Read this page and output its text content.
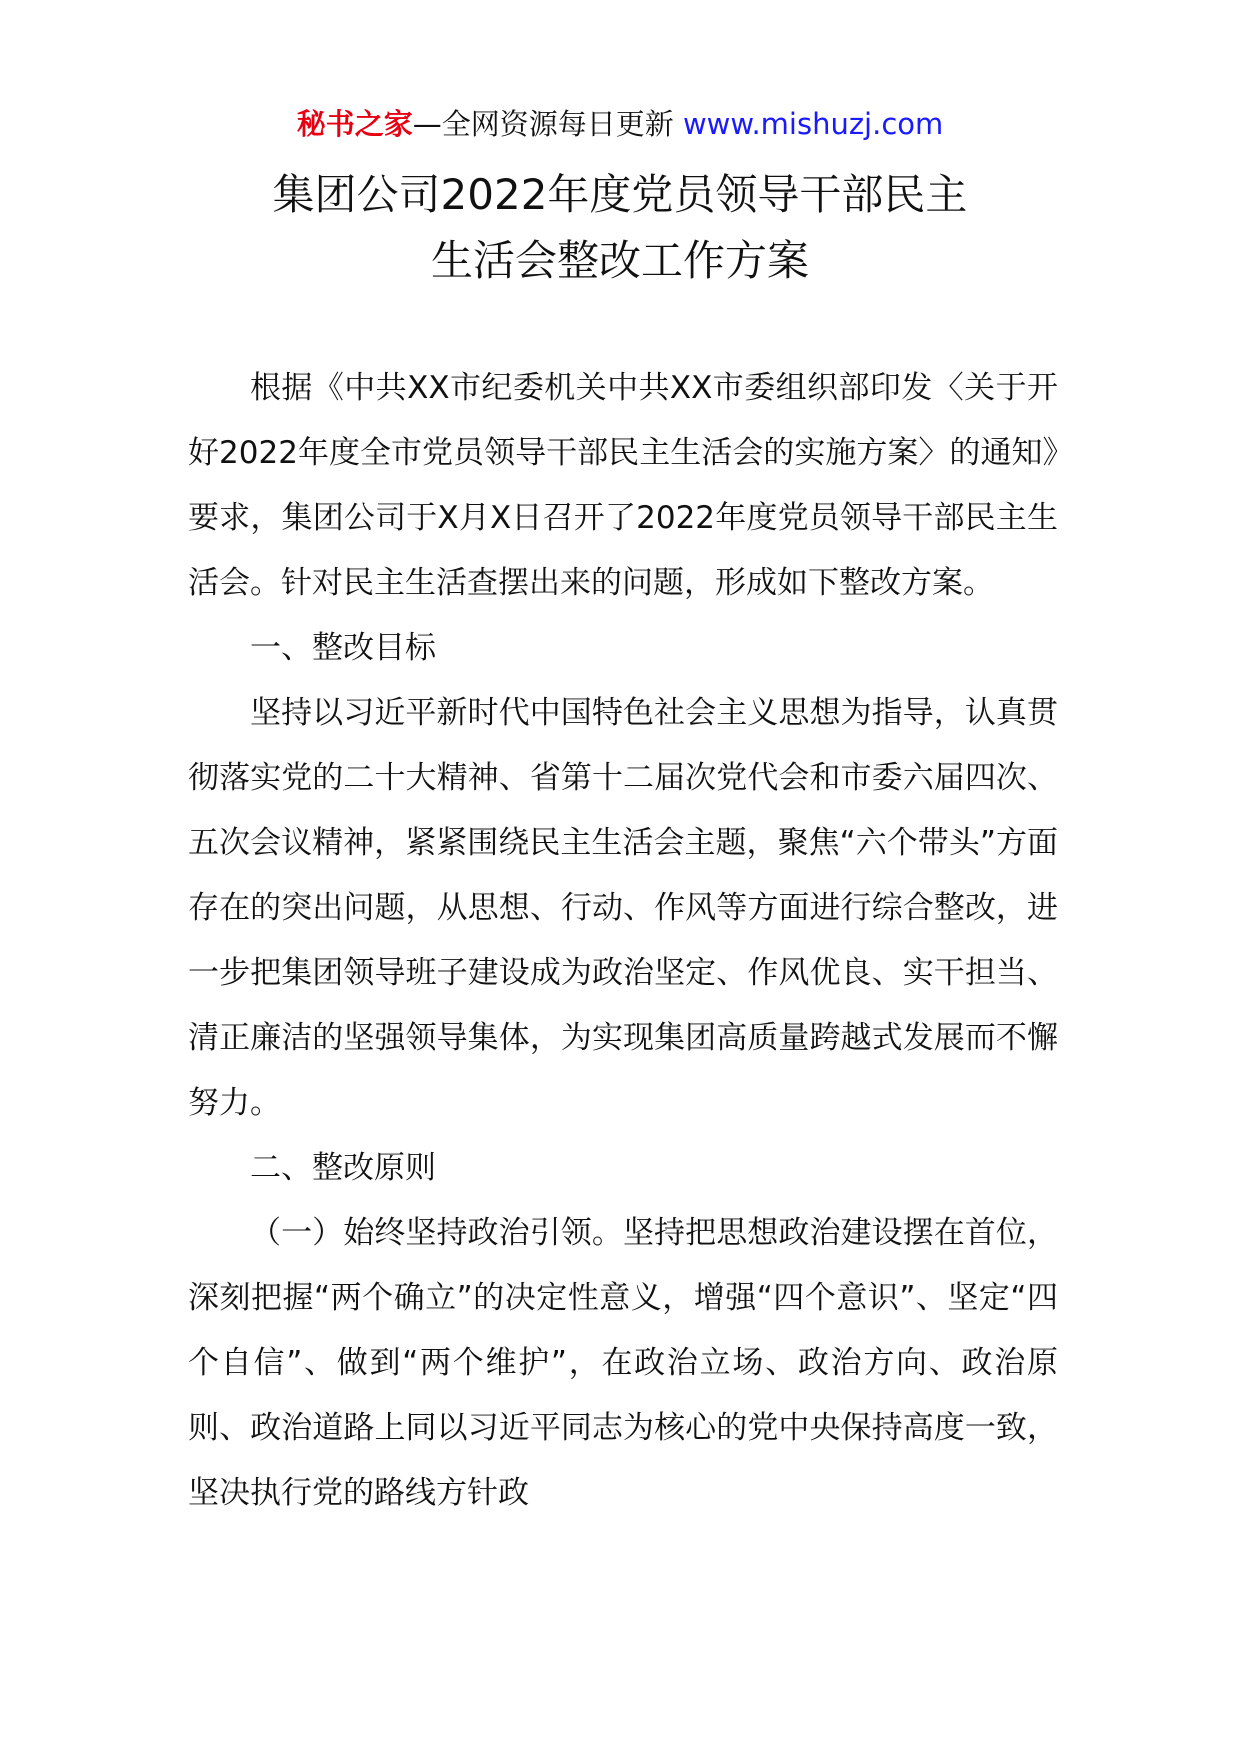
秘书之家—全网资源每日更新 www.mishuzj.com
集团公司2022年度党员领导干部民主
生活会整改工作方案

根据《中共XX市纪委机关中共XX市委组织部印发〈关于开好2022年度全市党员领导干部民主生活会的实施方案〉的通知》要求，集团公司于X月X日召开了2022年度党员领导干部民主生活会。针对民主生活查摆出来的问题，形成如下整改方案。

一、整改目标

坚持以习近平新时代中国特色社会主义思想为指导，认真贯彻落实党的二十大精神、省第十二届次党代会和市委六届四次、五次会议精神，紧紧围绕民主生活会主题，聚焦“六个带头”方面存在的突出问题，从思想、行动、作风等方面进行综合整改，进一步把集团领导班子建设成为政治坚定、作风优良、实干担当、清正廉洁的坚强领导集体，为实现集团高质量跨越式发展而不懈努力。

二、整改原则

（一）始终坚持政治引领。坚持把思想政治建设摆在首位，深刻把握“两个确立”的决定性意义，增强“四个意识”、坚定“四个自信”、做到“两个维护”，在政治立场、政治方向、政治原则、政治道路上同以习近平同志为核心的党中央保持高度一致，坚决执行党的路线方针政
